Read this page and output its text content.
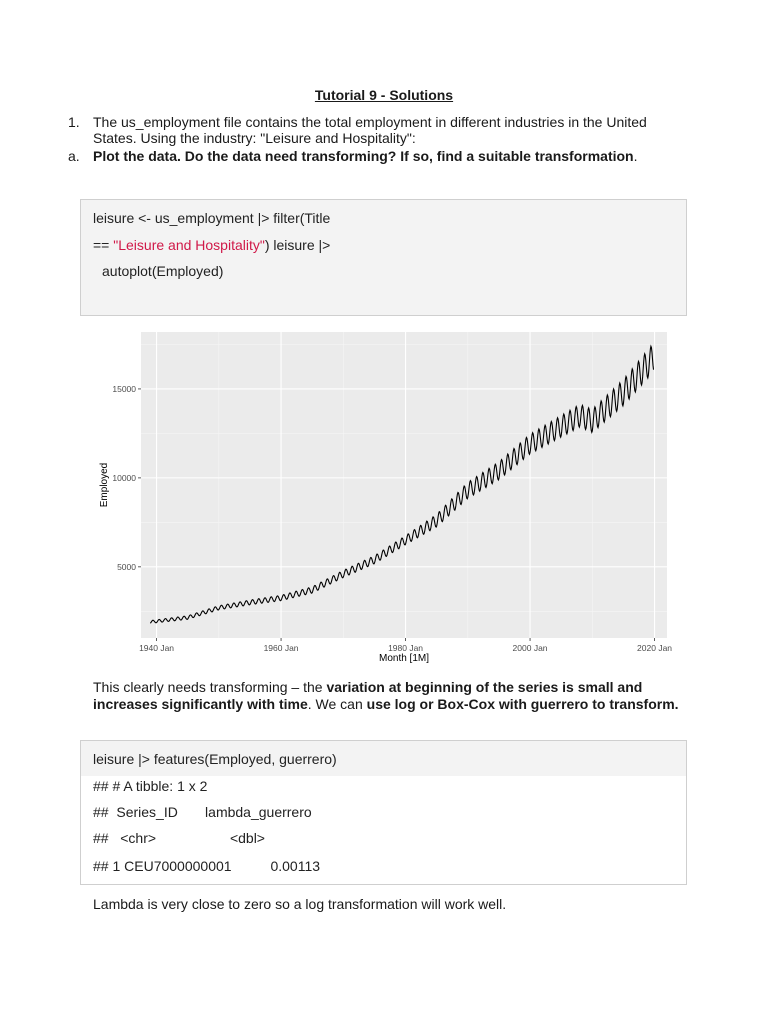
Tutorial 9 - Solutions
1. The us_employment file contains the total employment in different industries in the United States. Using the industry: "Leisure and Hospitality":
a. Plot the data. Do the data need transforming? If so, find a suitable transformation.
leisure <- us_employment |> filter(Title
== "Leisure and Hospitality") leisure |>
autoplot(Employed)
1940 Jan	1960 Jan	1980 Jan	2000 Jan	2020 Jan
5000
10000
15000
Month [1M]
Employed
This clearly needs transforming – the variation at beginning of the series is small and increases significantly with time. We can use log or Box-Cox with guerrero to transform.
leisure |> features(Employed, guerrero)
## # A tibble: 1 x 2
##  Series_ID       lambda_guerrero
##   <chr>                   <dbl>
## 1 CEU7000000001          0.00113
Lambda is very close to zero so a log transformation will work well.
